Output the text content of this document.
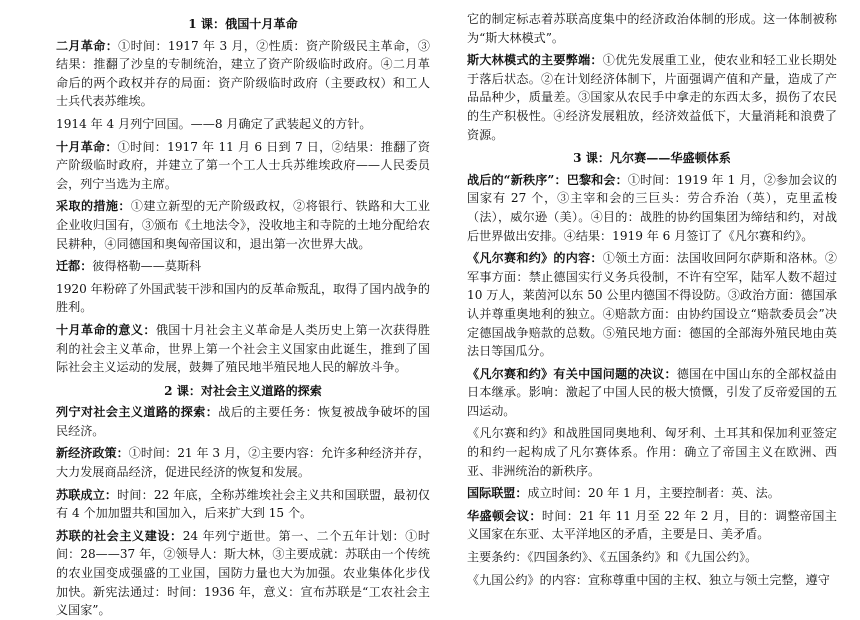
1 课：俄国十月革命

二月革命：①时间：1917 年 3 月，②性质：资产阶级民主革命，③结果：推翻了沙皇的专制统治，建立了资产阶级临时政府。④二月革命后的两个政权并存的局面：资产阶级临时政府（主要政权）和工人士兵代表苏维埃。

1914 年 4 月列宁回国。——8 月确定了武装起义的方针。

十月革命：①时间：1917 年 11 月 6 日到 7 日，②结果：推翻了资产阶级临时政府，并建立了第一个工人士兵苏维埃政府——人民委员会，列宁当选为主席。

采取的措施：①建立新型的无产阶级政权，②将银行、铁路和大工业企业收归国有，③颁布《土地法令》，没收地主和寺院的土地分配给农民耕种，④同德国和奥匈帝国议和，退出第一次世界大战。

迁都：彼得格勒——莫斯科

1920 年粉碎了外国武装干涉和国内的反革命叛乱，取得了国内战争的胜利。

十月革命的意义：俄国十月社会主义革命是人类历史上第一次获得胜利的社会主义革命，世界上第一个社会主义国家由此诞生，推到了国际社会主义运动的发展，鼓舞了殖民地半殖民地人民的解放斗争。

2 课：对社会主义道路的探索

列宁对社会主义道路的探索：战后的主要任务：恢复被战争破坏的国民经济。

新经济政策：①时间：21 年 3 月，②主要内容：允许多种经济并存，大力发展商品经济，促进民经济的恢复和发展。

苏联成立：时间：22 年底，全称苏维埃社会主义共和国联盟，最初仅有 4 个加加盟共和国加入，后来扩大到 15 个。

苏联的社会主义建设：24 年列宁逝世。第一、二个五年计划：①时间：28——37 年，②领导人：斯大林，③主要成就：苏联由一个传统的农业国变成强盛的工业国，国防力量也大为加强。农业集体化步伐加快。新宪法通过：时间：1936 年，意义：宣布苏联是“工农社会主义国家”。

它的制定标志着苏联高度集中的经济政治体制的形成。这一体制被称为“斯大林模式”。

斯大林模式的主要弊端：①优先发展重工业，使农业和轻工业长期处于落后状态。②在计划经济体制下，片面强调产值和产量，造成了产品品种少，质量差。③国家从农民手中拿走的东西太多，损伤了农民的生产积极性。④经济发展粗放，经济效益低下，大量消耗和浪费了资源。

3 课：凡尔赛——华盛顿体系

战后的“新秩序”：巴黎和会：①时间：1919 年 1 月，②参加会议的国家有 27 个，③主宰和会的三巨头：劳合乔治（英），克里孟梭（法），威尔逊（美）。④目的：战胜的协约国集团为缔结和约，对战后世界做出安排。④结果：1919 年 6 月签订了《凡尔赛和约》。

《凡尔赛和约》的内容：①领土方面：法国收回阿尔萨斯和洛林。②军事方面：禁止德国实行义务兵役制，不许有空军，陆军人数不超过 10 万人，莱茵河以东 50 公里内德国不得设防。③政治方面：德国承认并尊重奥地利的独立。④赔款方面：由协约国设立“赔款委员会”决定德国战争赔款的总数。⑤殖民地方面：德国的全部海外殖民地由英法日等国瓜分。

《凡尔赛和约》有关中国问题的决议：德国在中国山东的全部权益由日本继承。影响：激起了中国人民的极大愤慨，引发了反帝爱国的五四运动。

《凡尔赛和约》和战胜国同奥地利、匈牙利、土耳其和保加利亚签定的和约一起构成了凡尔赛体系。作用：确立了帝国主义在欧洲、西亚、非洲统治的新秩序。

国际联盟：成立时间：20 年 1 月，主要控制者：英、法。

华盛顿会议：时间：21 年 11 月至 22 年 2 月，目的：调整帝国主义国家在东亚、太平洋地区的矛盾，主要是日、美矛盾。

主要条约：《四国条约》、《五国条约》和《九国公约》。

《九国公约》的内容：宣称尊重中国的主权、独立与领土完整，遵守
